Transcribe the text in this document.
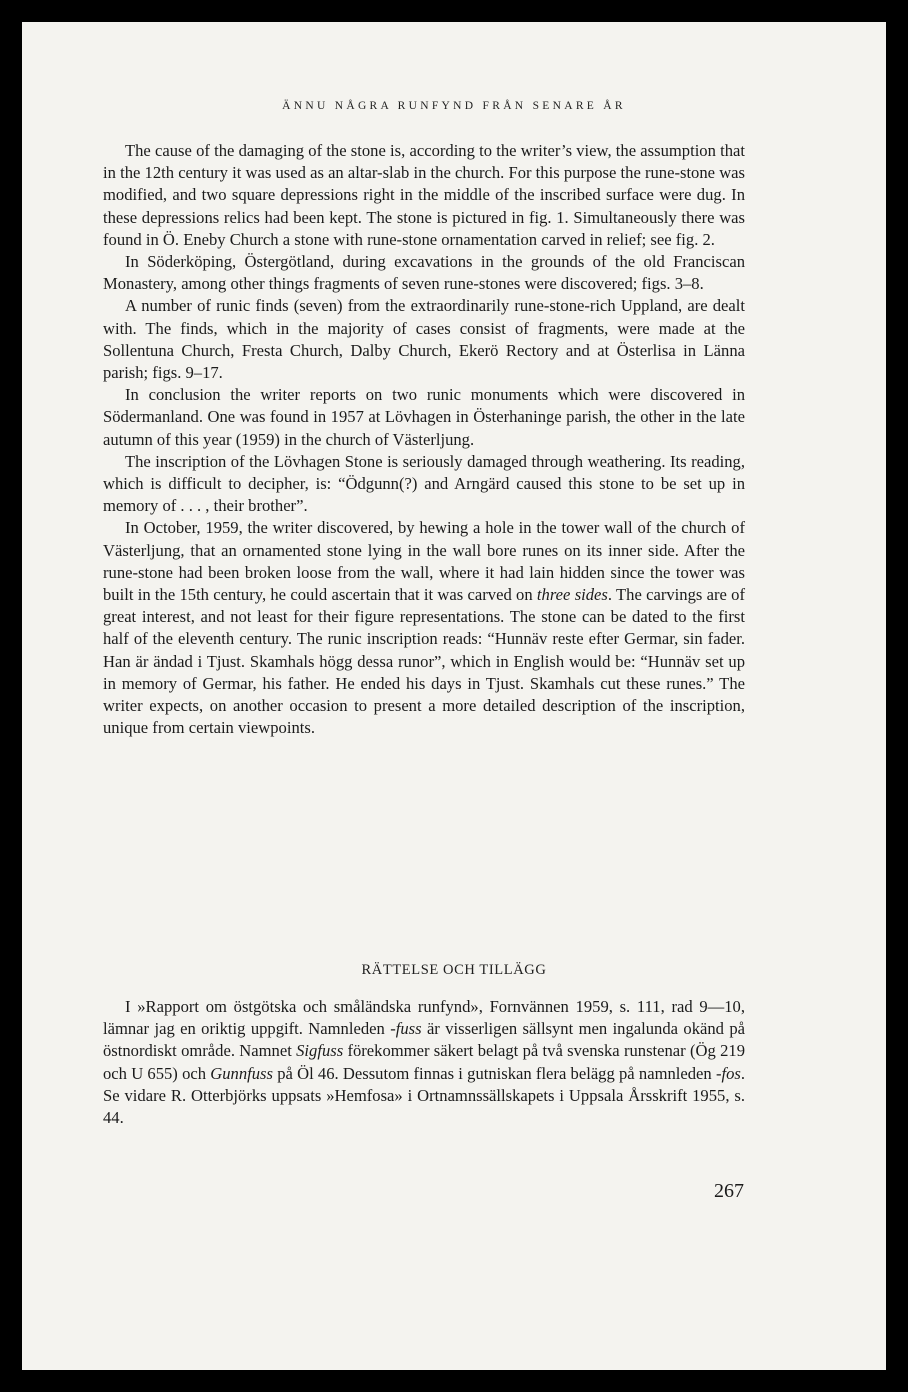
ÄNNU NÅGRA RUNFYND FRÅN SENARE ÅR

The cause of the damaging of the stone is, according to the writer’s view, the assumption that in the 12th century it was used as an altar-slab in the church. For this purpose the rune-stone was modified, and two square depressions right in the middle of the inscribed surface were dug. In these depressions relics had been kept. The stone is pictured in fig. 1. Simultaneously there was found in Ö. Eneby Church a stone with rune-stone ornamentation carved in relief; see fig. 2.

In Söderköping, Östergötland, during excavations in the grounds of the old Franciscan Monastery, among other things fragments of seven rune-stones were discovered; figs. 3–8.

A number of runic finds (seven) from the extraordinarily rune-stone-rich Uppland, are dealt with. The finds, which in the majority of cases consist of fragments, were made at the Sollentuna Church, Fresta Church, Dalby Church, Ekerö Rectory and at Österlisa in Länna parish; figs. 9–17.

In conclusion the writer reports on two runic monuments which were discovered in Södermanland. One was found in 1957 at Lövhagen in Österhaninge parish, the other in the late autumn of this year (1959) in the church of Västerljung.

The inscription of the Lövhagen Stone is seriously damaged through weathering. Its reading, which is difficult to decipher, is: “Ödgunn(?) and Arngärd caused this stone to be set up in memory of . . . , their brother”.

In October, 1959, the writer discovered, by hewing a hole in the tower wall of the church of Västerljung, that an ornamented stone lying in the wall bore runes on its inner side. After the rune-stone had been broken loose from the wall, where it had lain hidden since the tower was built in the 15th century, he could ascertain that it was carved on three sides. The carvings are of great interest, and not least for their figure representations. The stone can be dated to the first half of the eleventh century. The runic inscription reads: “Hunnäv reste efter Germar, sin fader. Han är ändad i Tjust. Skamhals högg dessa runor”, which in English would be: “Hunnäv set up in memory of Germar, his father. He ended his days in Tjust. Skamhals cut these runes.” The writer expects, on another occasion to present a more detailed description of the inscription, unique from certain viewpoints.

RÄTTELSE OCH TILLÄGG

I »Rapport om östgötska och småländska runfynd», Fornvännen 1959, s. 111, rad 9—10, lämnar jag en oriktig uppgift. Namnleden -fuss är visserligen sällsynt men ingalunda okänd på östnordiskt område. Namnet Sigfuss förekommer säkert belagt på två svenska runstenar (Ög 219 och U 655) och Gunnfuss på Öl 46. Dessutom finnas i gutniskan flera belägg på namnleden -fos. Se vidare R. Otterbjörks uppsats »Hemfosa» i Ortnamnssällskapets i Uppsala Årsskrift 1955, s. 44.

267
